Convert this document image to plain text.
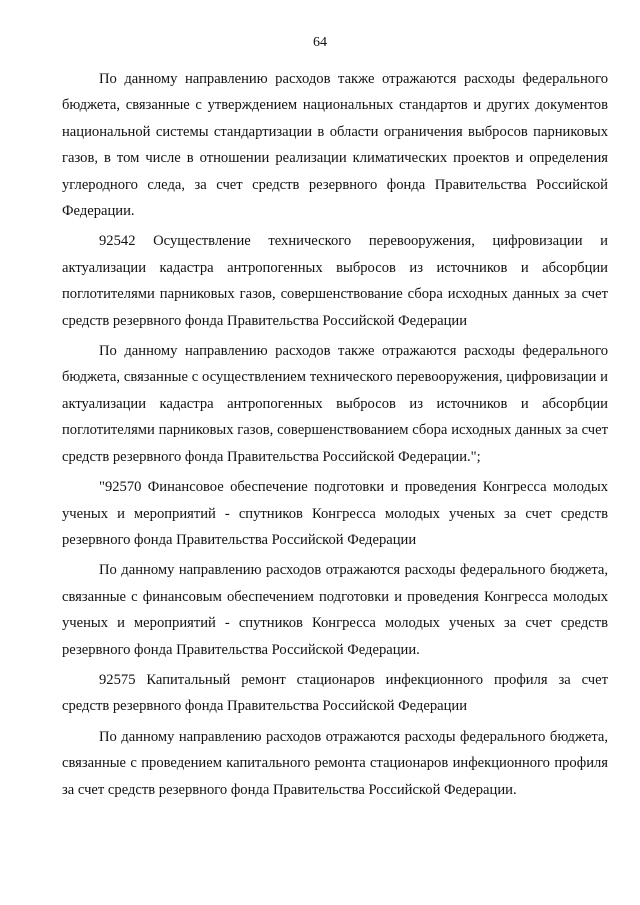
64

По данному направлению расходов также отражаются расходы федерального бюджета, связанные с утверждением национальных стандартов и других документов национальной системы стандартизации в области ограничения выбросов парниковых газов, в том числе в отношении реализации климатических проектов и определения углеродного следа, за счет средств резервного фонда Правительства Российской Федерации.

92542 Осуществление технического перевооружения, цифровизации и актуализации кадастра антропогенных выбросов из источников и абсорбции поглотителями парниковых газов, совершенствование сбора исходных данных за счет средств резервного фонда Правительства Российской Федерации

По данному направлению расходов также отражаются расходы федерального бюджета, связанные с осуществлением технического перевооружения, цифровизации и актуализации кадастра антропогенных выбросов из источников и абсорбции поглотителями парниковых газов, совершенствованием сбора исходных данных за счет средств резервного фонда Правительства Российской Федерации.";

"92570 Финансовое обеспечение подготовки и проведения Конгресса молодых ученых и мероприятий - спутников Конгресса молодых ученых за счет средств резервного фонда Правительства Российской Федерации

По данному направлению расходов отражаются расходы федерального бюджета, связанные с финансовым обеспечением подготовки и проведения Конгресса молодых ученых и мероприятий - спутников Конгресса молодых ученых за счет средств резервного фонда Правительства Российской Федерации.

92575 Капитальный ремонт стационаров инфекционного профиля за счет средств резервного фонда Правительства Российской Федерации

По данному направлению расходов отражаются расходы федерального бюджета, связанные с проведением капитального ремонта стационаров инфекционного профиля за счет средств резервного фонда Правительства Российской Федерации.
